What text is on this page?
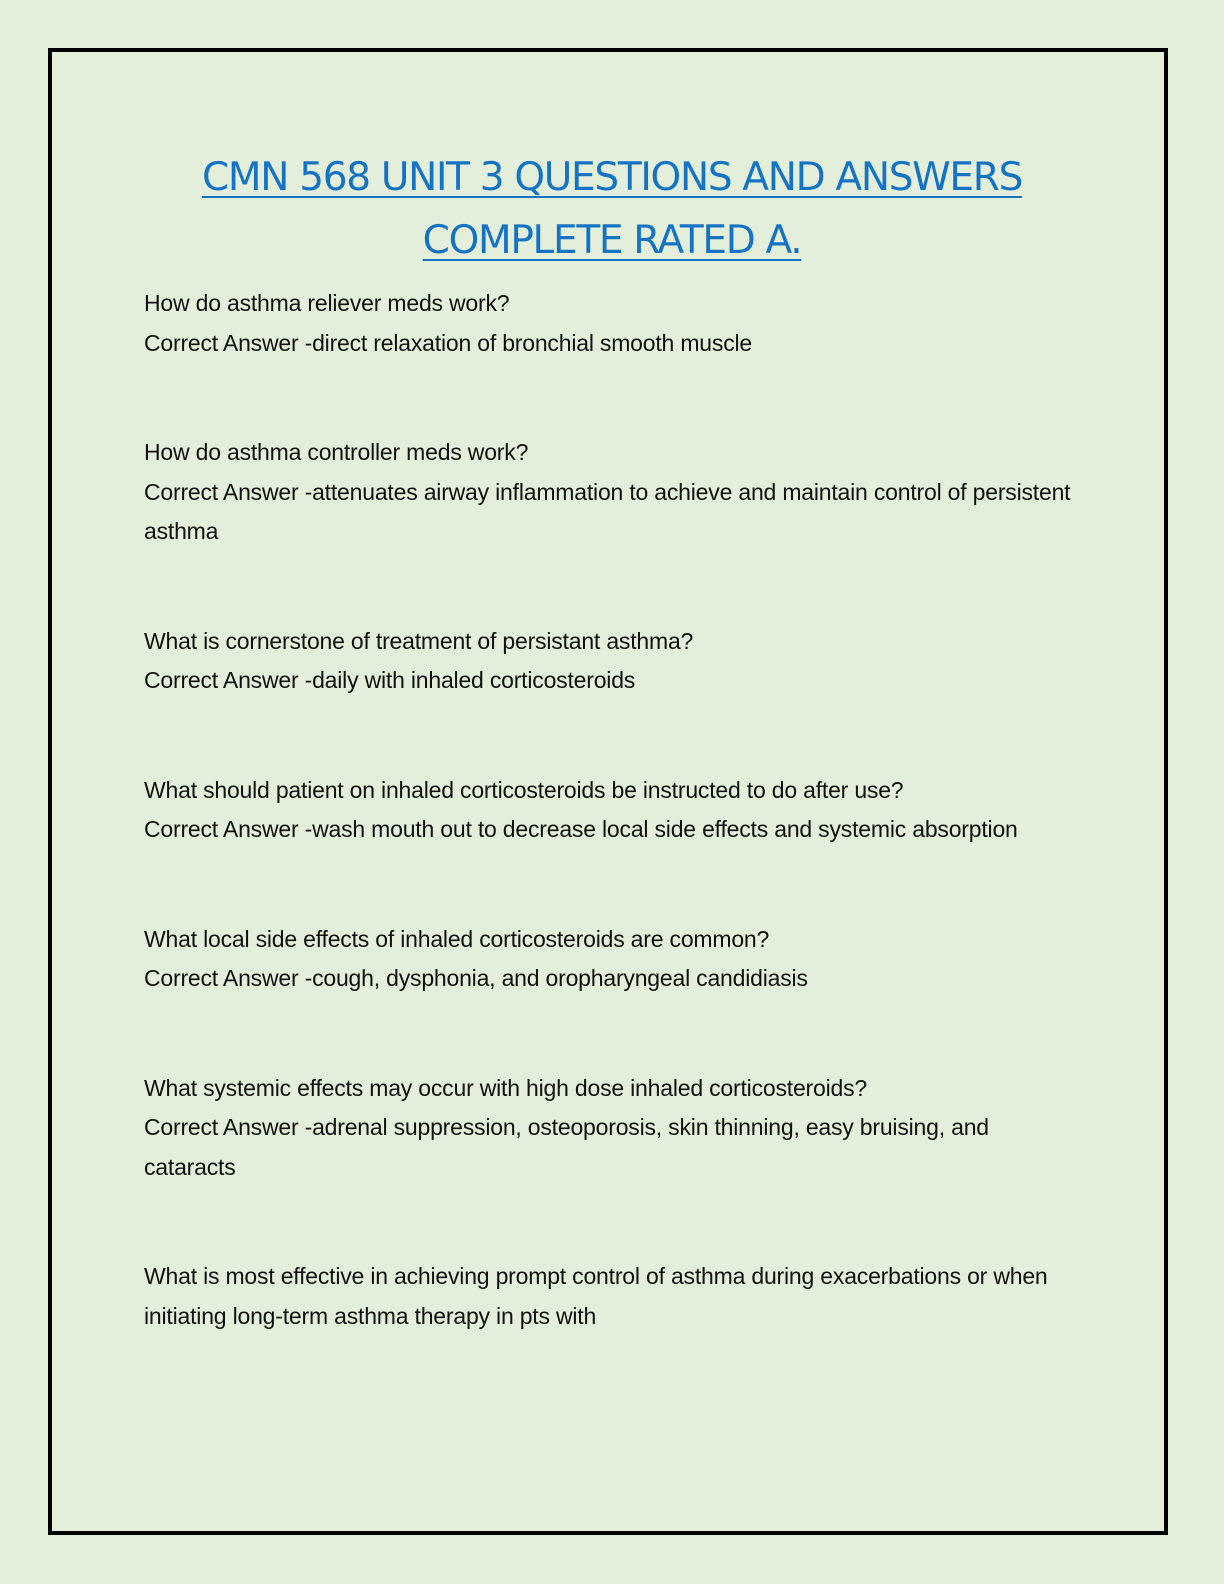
CMN 568 UNIT 3 QUESTIONS AND ANSWERS
COMPLETE RATED A.

How do asthma reliever meds work?

Correct Answer -direct relaxation of bronchial smooth muscle

How do asthma controller meds work?

Correct Answer -attenuates airway inflammation to achieve and maintain control of persistent asthma

What is cornerstone of treatment of persistant asthma?

Correct Answer -daily with inhaled corticosteroids

What should patient on inhaled corticosteroids be instructed to do after use?

Correct Answer -wash mouth out to decrease local side effects and systemic absorption

What local side effects of inhaled corticosteroids are common?

Correct Answer -cough, dysphonia, and oropharyngeal candidiasis

What systemic effects may occur with high dose inhaled corticosteroids?

Correct Answer -adrenal suppression, osteoporosis, skin thinning, easy bruising, and cataracts

What is most effective in achieving prompt control of asthma during exacerbations or when initiating long-term asthma therapy in pts with
